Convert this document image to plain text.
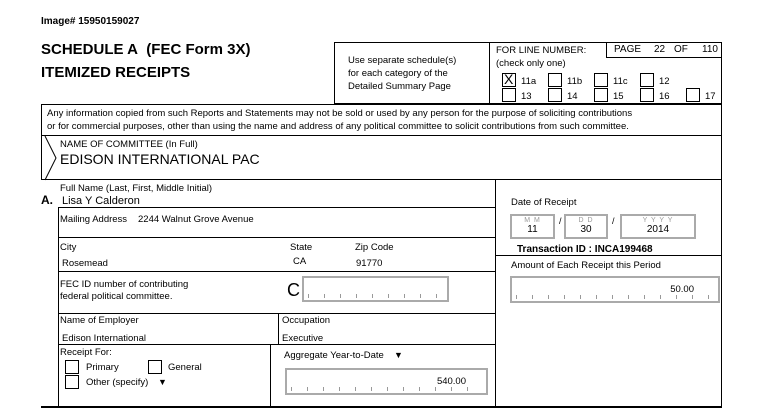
Image# 15950159027
SCHEDULE A (FEC Form 3X)
ITEMIZED RECEIPTS
Use separate schedule(s)
for each category of the
Detailed Summary Page
FOR LINE NUMBER:
(check only one)
PAGE 22 OF 110
X 11a	11b	11c	12
13	14	15	16	17
Any information copied from such Reports and Statements may not be sold or used by any person for the purpose of soliciting contributions
or for commercial purposes, other than using the name and address of any political committee to solicit contributions from such committee.
NAME OF COMMITTEE (In Full)
EDISON INTERNATIONAL PAC
A.
Full Name (Last, First, Middle Initial)
Lisa Y Calderon
Mailing Address 2244 Walnut Grove Avenue
City	State	Zip Code
Rosemead	CA	91770
FEC ID number of contributing
federal political committee.	C
Name of Employer
Edison International
Occupation
Executive
Receipt For:
Primary	General
Other (specify) ▼
Aggregate Year-to-Date ▼
540.00
Date of Receipt
M M
11
/	D D
30
/	Y Y Y Y
2014
Transaction ID : INCA199468
Amount of Each Receipt this Period
50.00
